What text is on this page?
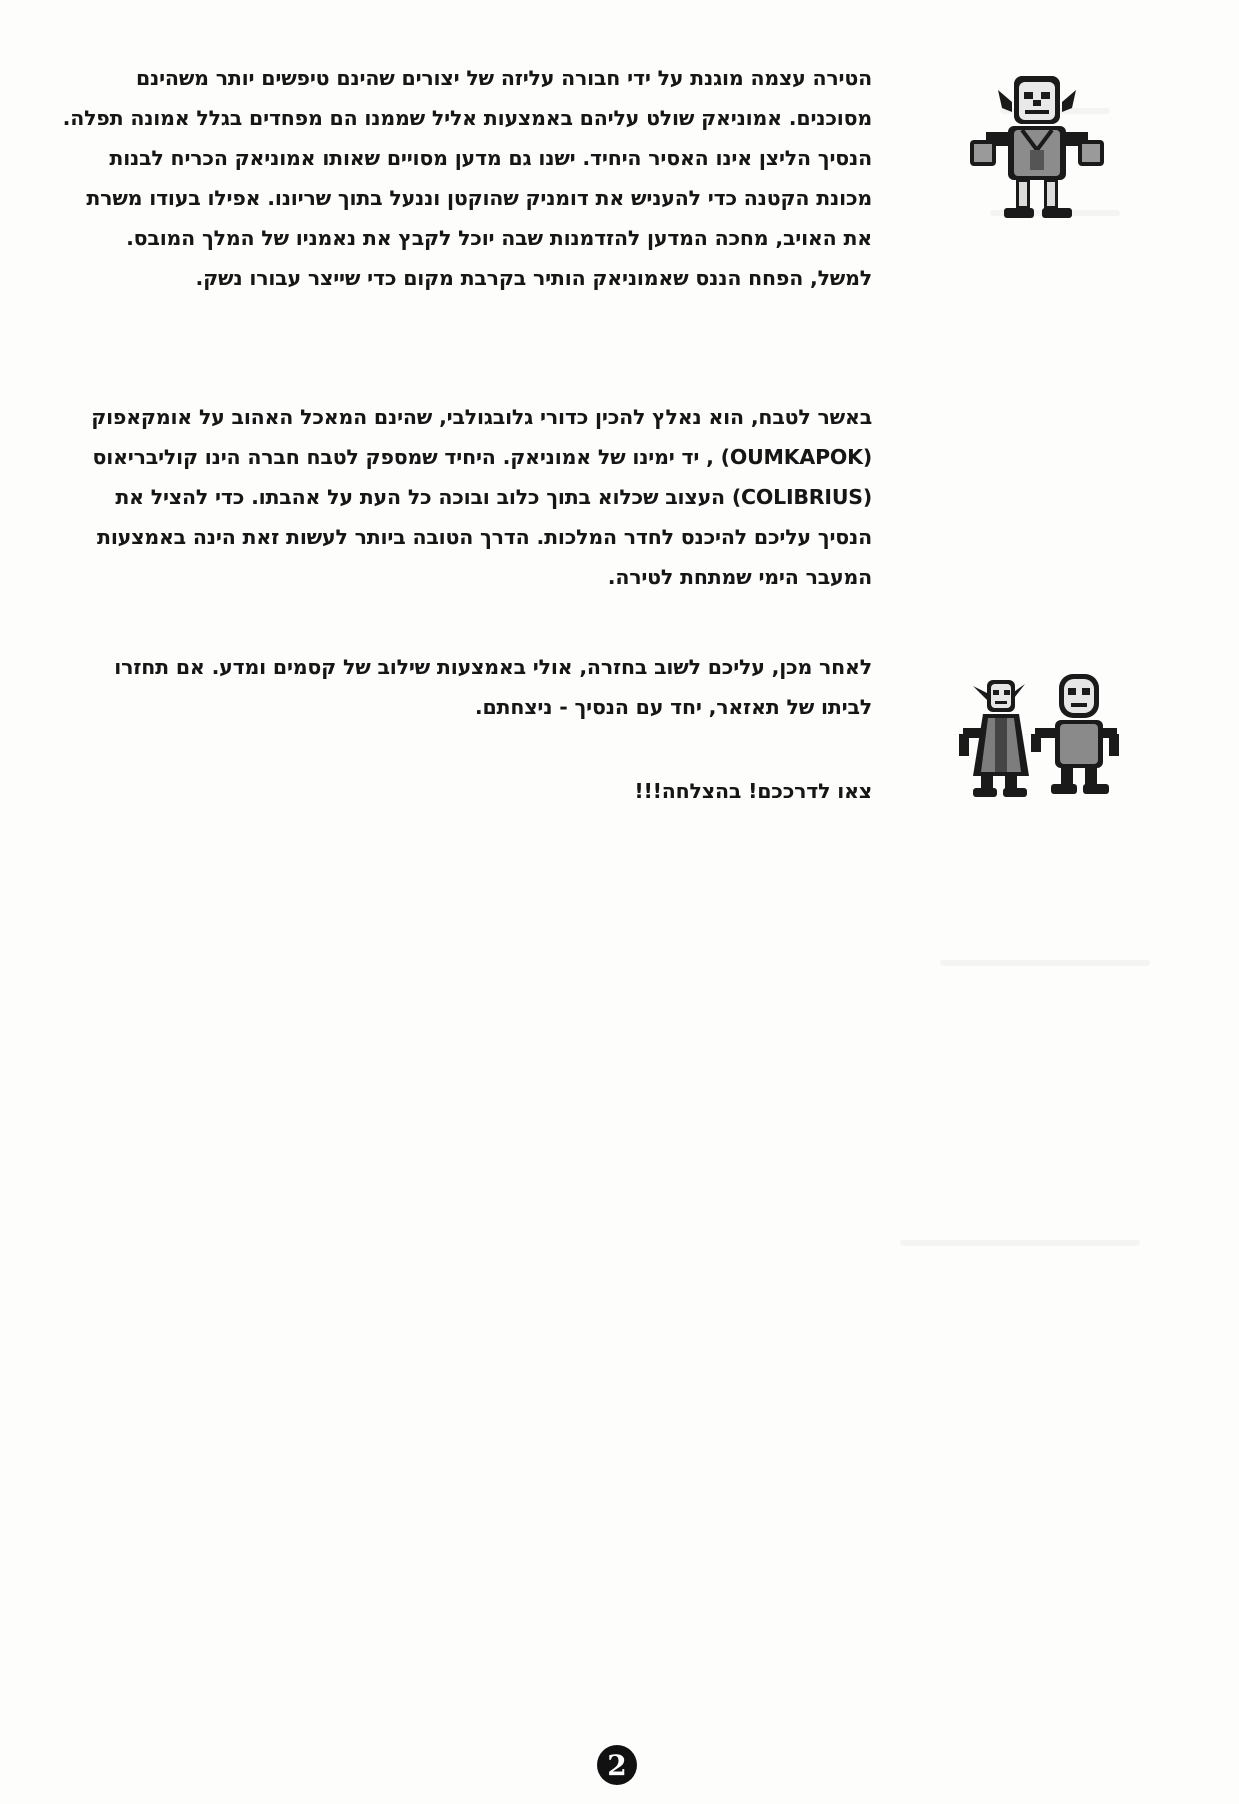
הטירה עצמה מוגנת על ידי חבורה עליזה של יצורים שהינם טיפשים יותר משהינם מסוכנים. אמוניאק שולט עליהם באמצעות אליל שממנו הם מפחדים בגלל אמונה תפלה. הנסיך הליצן אינו האסיר היחיד. ישנו גם מדען מסויים שאותו אמוניאק הכריח לבנות מכונת הקטנה כדי להעניש את דומניק שהוקטן וננעל בתוך שריונו. אפילו בעודו משרת את האויב, מחכה המדען להזדמנות שבה יוכל לקבץ את נאמניו של המלך המובס. למשל, הפחח הננס שאמוניאק הותיר בקרבת מקום כדי שייצר עבורו נשק.

באשר לטבח, הוא נאלץ להכין כדורי גלובגולבי, שהינם המאכל האהוב על אומקאפוק (OUMKAPOK) , יד ימינו של אמוניאק. היחיד שמספק לטבח חברה הינו קוליבריאוס (COLIBRIUS) העצוב שכלוא בתוך כלוב ובוכה כל העת על אהבתו. כדי להציל את הנסיך עליכם להיכנס לחדר המלכות. הדרך הטובה ביותר לעשות זאת הינה באמצעות המעבר הימי שמתחת לטירה.

לאחר מכן, עליכם לשוב בחזרה, אולי באמצעות שילוב של קסמים ומדע. אם תחזרו לביתו של תאזאר, יחד עם הנסיך - ניצחתם.

צאו לדרככם! בהצלחה!!!

2
